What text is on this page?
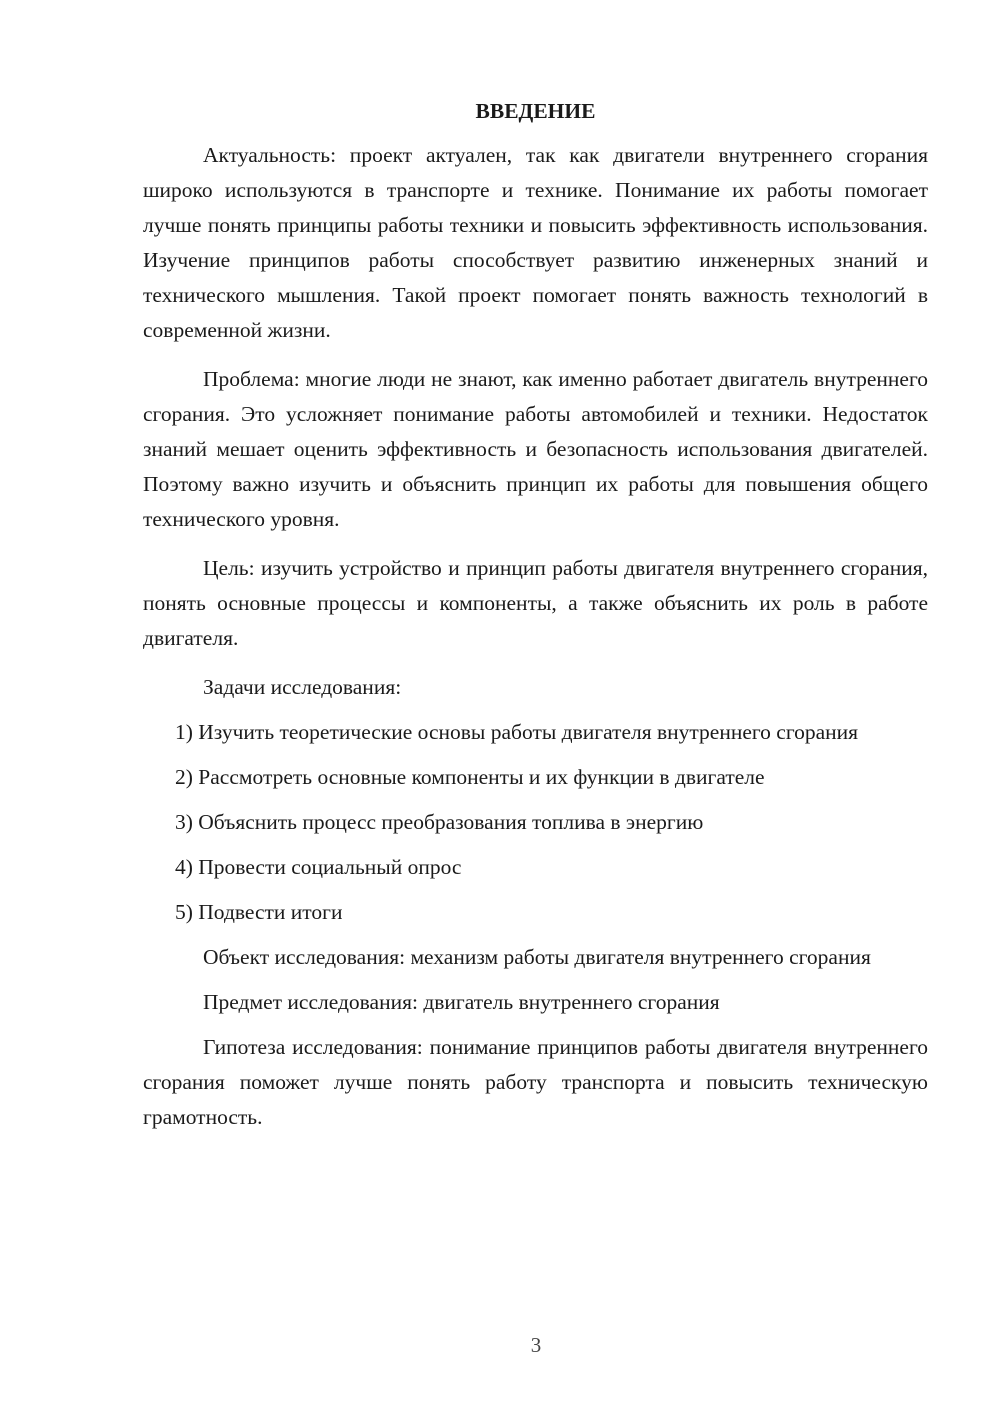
ВВЕДЕНИЕ

Актуальность: проект актуален, так как двигатели внутреннего сгорания широко используются в транспорте и технике. Понимание их работы помогает лучше понять принципы работы техники и повысить эффективность использования. Изучение принципов работы способствует развитию инженерных знаний и технического мышления. Такой проект помогает понять важность технологий в современной жизни.

Проблема: многие люди не знают, как именно работает двигатель внутреннего сгорания. Это усложняет понимание работы автомобилей и техники. Недостаток знаний мешает оценить эффективность и безопасность использования двигателей. Поэтому важно изучить и объяснить принцип их работы для повышения общего технического уровня.

Цель: изучить устройство и принцип работы двигателя внутреннего сгорания, понять основные процессы и компоненты, а также объяснить их роль в работе двигателя.

Задачи исследования:

1) Изучить теоретические основы работы двигателя внутреннего сгорания

2) Рассмотреть основные компоненты и их функции в двигателе

3) Объяснить процесс преобразования топлива в энергию

4) Провести социальный опрос

5) Подвести итоги

Объект исследования: механизм работы двигателя внутреннего сгорания

Предмет исследования: двигатель внутреннего сгорания

Гипотеза исследования: понимание принципов работы двигателя внутреннего сгорания поможет лучше понять работу транспорта и повысить техническую грамотность.

3
